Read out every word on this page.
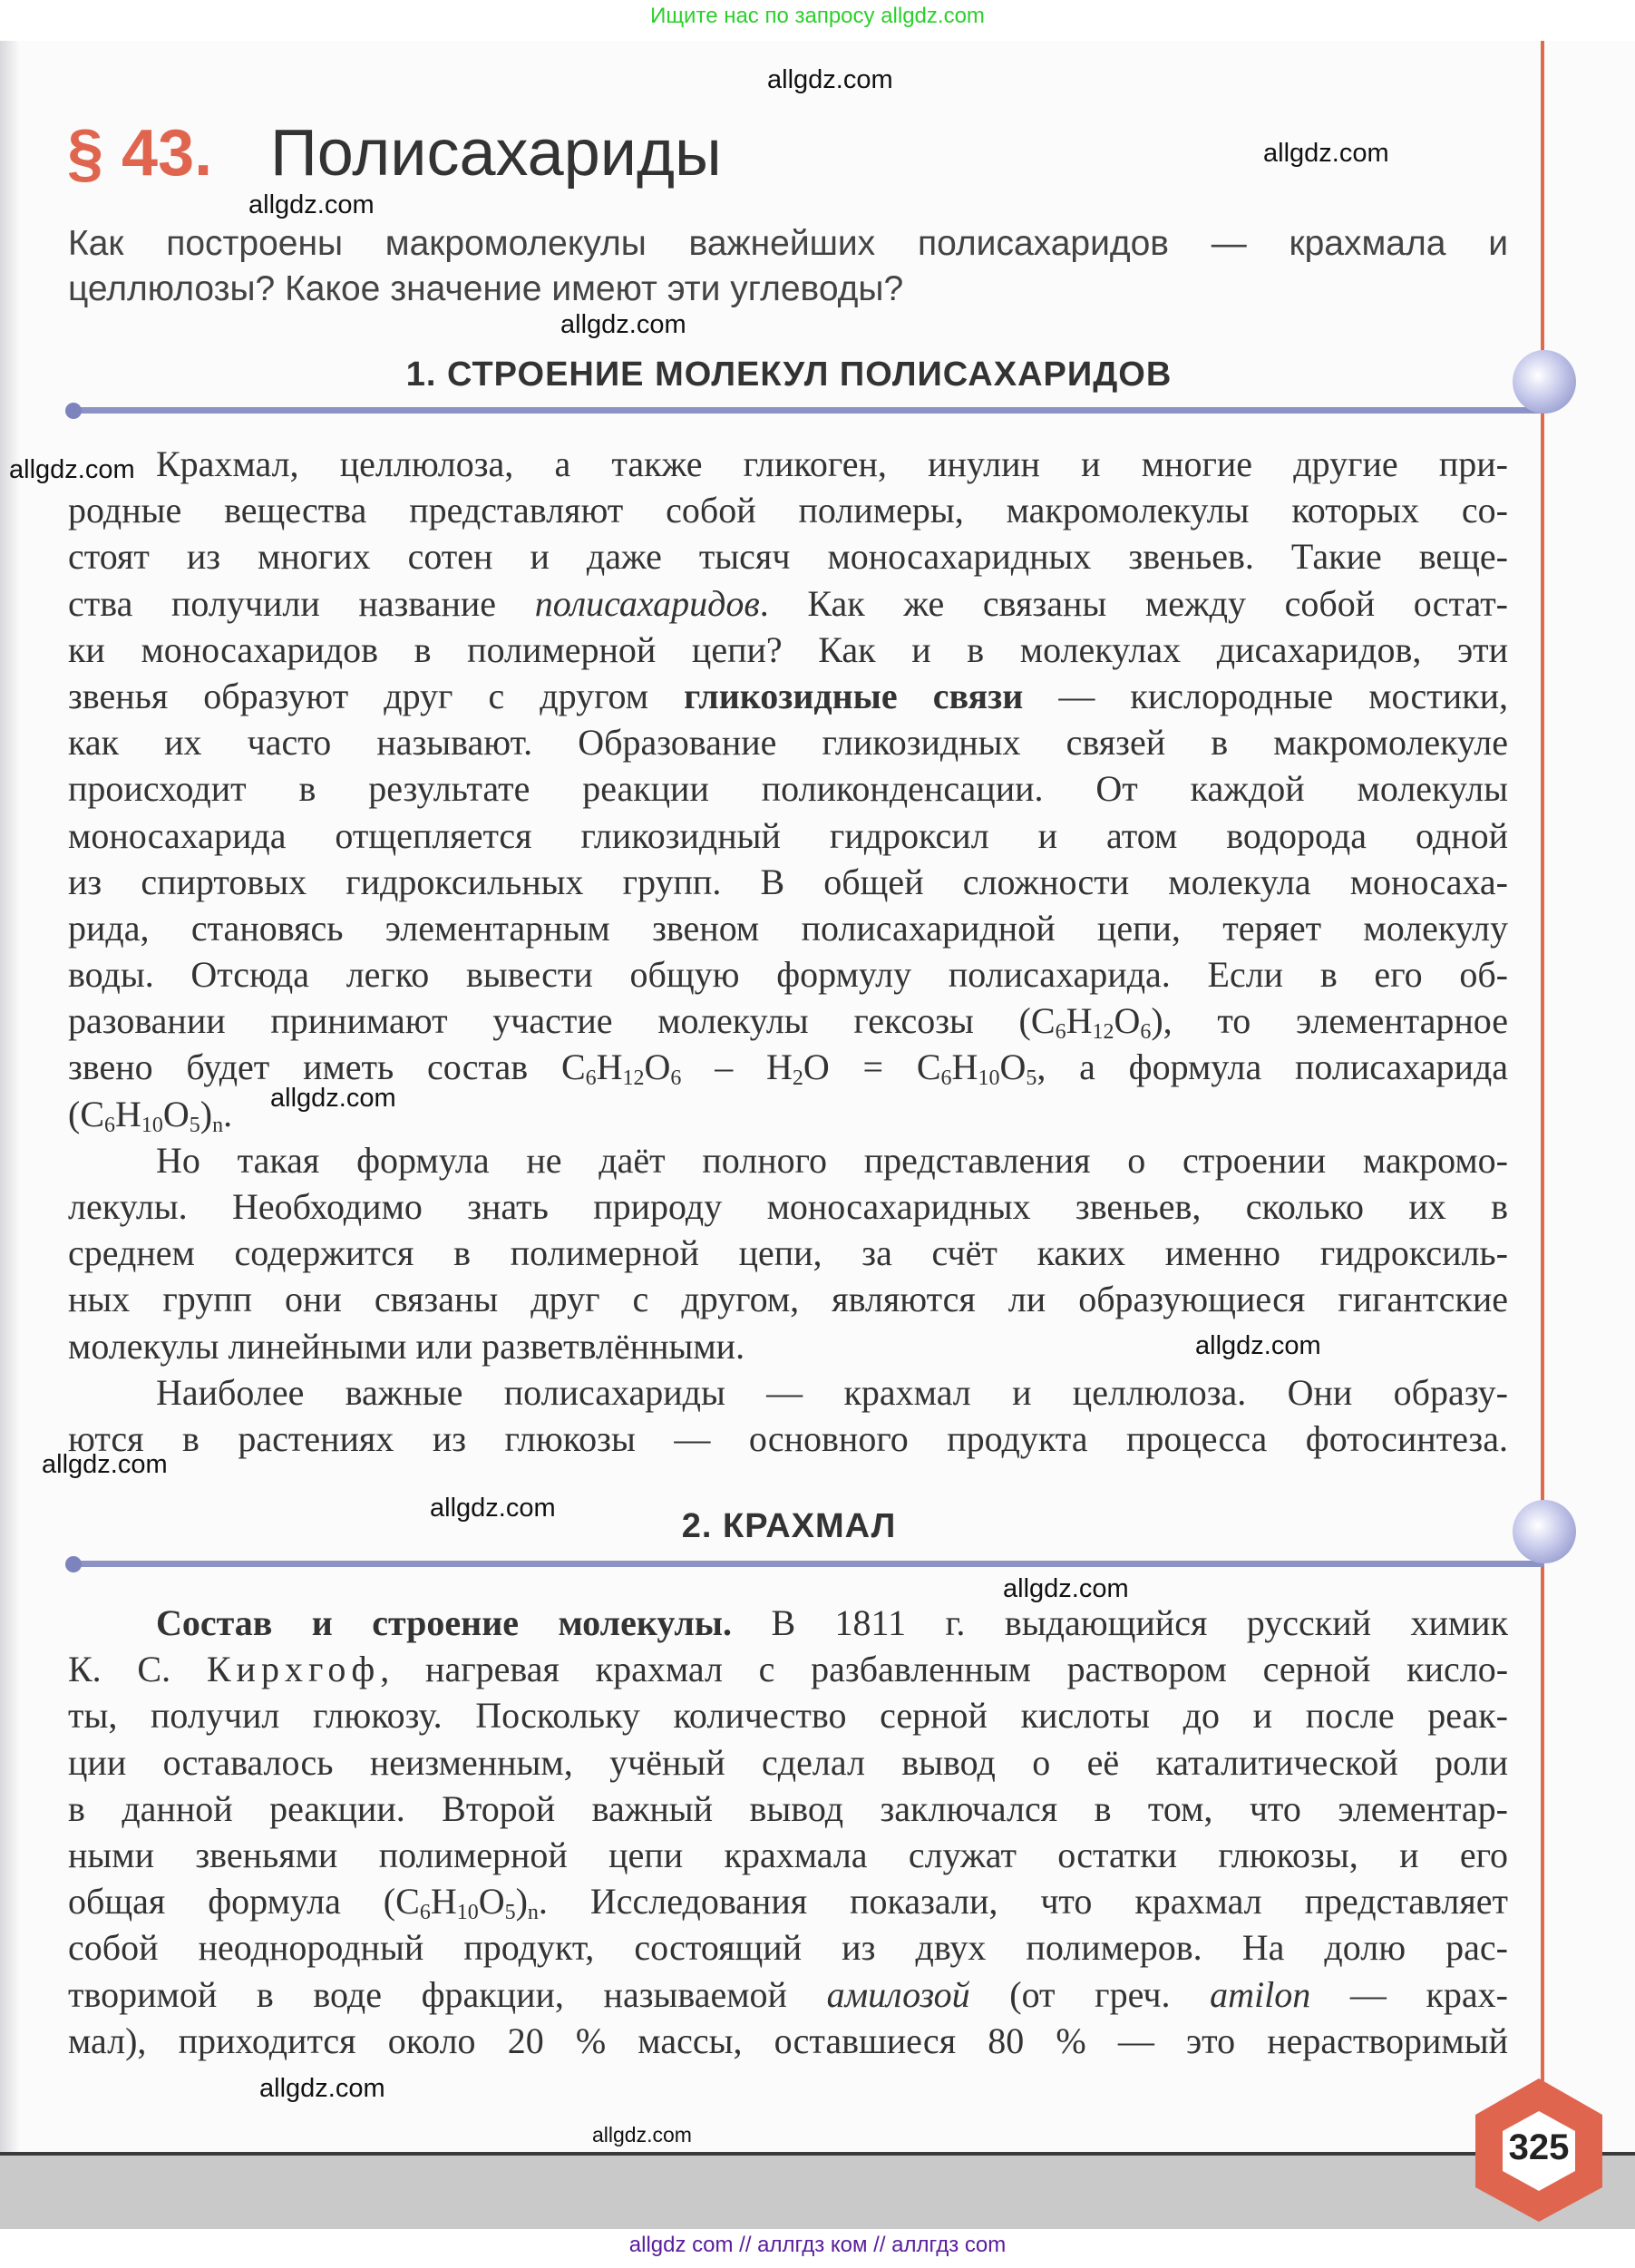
Ищите нас по запросу allgdz.com
§ 43. Полисахариды
Как построены макромолекулы важнейших полисахаридов — крахмала и
целлюлозы? Какое значение имеют эти углеводы?
1. СТРОЕНИЕ МОЛЕКУЛ ПОЛИСАХАРИДОВ
Крахмал, целлюлоза, а также гликоген, инулин и многие другие при-
родные вещества представляют собой полимеры, макромолекулы которых со-
стоят из многих сотен и даже тысяч моносахаридных звеньев. Такие веще-
ства получили название полисахаридов. Как же связаны между собой остат-
ки моносахаридов в полимерной цепи? Как и в молекулах дисахаридов, эти
звенья образуют друг с другом гликозидные связи — кислородные мостики,
как их часто называют. Образование гликозидных связей в макромолекуле
происходит в результате реакции поликонденсации. От каждой молекулы
моносахарида отщепляется гликозидный гидроксил и атом водорода одной
из спиртовых гидроксильных групп. В общей сложности молекула моносаха-
рида, становясь элементарным звеном полисахаридной цепи, теряет молекулу
воды. Отсюда легко вывести общую формулу полисахарида. Если в его об-
разовании принимают участие молекулы гексозы $(C_6H_{12}O_6)$, то элементарное
звено будет иметь состав $C_6H_{12}O_6 - H_2O = C_6H_{10}O_5$, а формула полисахарида
$(C_6H_{10}O_5)_n$.
Но такая формула не даёт полного представления о строении макромо-
лекулы. Необходимо знать природу моносахаридных звеньев, сколько их в
среднем содержится в полимерной цепи, за счёт каких именно гидроксиль-
ных групп они связаны друг с другом, являются ли образующиеся гигантские
молекулы линейными или разветвлёнными.
Наиболее важные полисахариды — крахмал и целлюлоза. Они образу-
ются в растениях из глюкозы — основного продукта процесса фотосинтеза.
2. КРАХМАЛ
Состав и строение молекулы. В 1811 г. выдающийся русский химик
К. С. Кирхгоф, нагревая крахмал с разбавленным раствором серной кисло-
ты, получил глюкозу. Поскольку количество серной кислоты до и после реак-
ции оставалось неизменным, учёный сделал вывод о её каталитической роли
в данной реакции. Второй важный вывод заключался в том, что элементар-
ными звеньями полимерной цепи крахмала служат остатки глюкозы, и его
общая формула $(C_6H_{10}O_5)_n$. Исследования показали, что крахмал представляет
собой неоднородный продукт, состоящий из двух полимеров. На долю рас-
творимой в воде фракции, называемой амилозой (от греч. amilon — крах-
мал), приходится около 20 % массы, оставшиеся 80 % — это нерастворимый
325
allgdz.com
allgdz.com
allgdz.com
allgdz.com
allgdz.com
allgdz.com
allgdz.com
allgdz.com
allgdz.com
allgdz.com
allgdz.com
allgdz.com
allgdz com // аллгдз ком // аллгдз com
